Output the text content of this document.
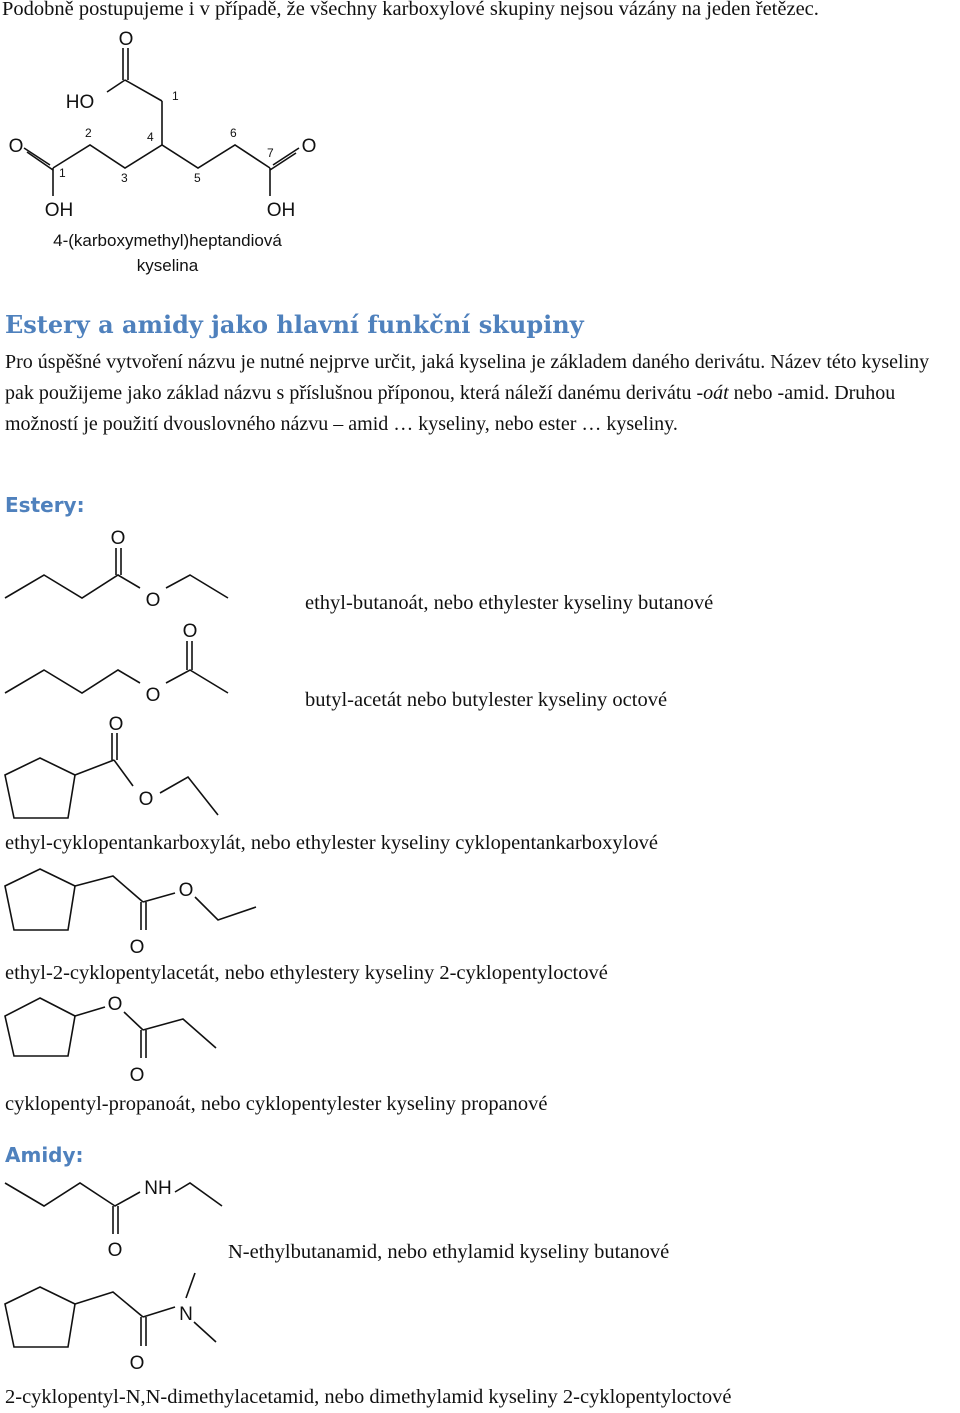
Podobně postupujeme i v případě, že všechny karboxylové skupiny nejsou vázány na jeden řetězec.
O
HO
O	O
OH	OH
1
1
2
3
4
5
6
7
4-(karboxymethyl)heptandiová
kyselina
Estery a amidy jako hlavní funkční skupiny
Pro úspěšné vytvoření názvu je nutné nejprve určit, jaká kyselina je základem daného derivátu. Název této kyseliny pak použijeme jako základ názvu s příslušnou příponou, která náleží danému derivátu -oát nebo -amid. Druhou možností je použití dvouslovného názvu – amid … kyseliny, nebo ester … kyseliny.
Estery:
O
O	ethyl-butanoát, nebo ethylester kyseliny butanové
O
O	butyl-acetát nebo butylester kyseliny octové
O
O
ethyl-cyklopentankarboxylát, nebo ethylester kyseliny cyklopentankarboxylové
O
O
ethyl-2-cyklopentylacetát, nebo ethylestery kyseliny 2-cyklopentyloctové
O
O
cyklopentyl-propanoát, nebo cyklopentylester kyseliny propanové
Amidy:
NH
O	N-ethylbutanamid, nebo ethylamid kyseliny butanové
N
O
2-cyklopentyl-N,N-dimethylacetamid, nebo dimethylamid kyseliny 2-cyklopentyloctové
